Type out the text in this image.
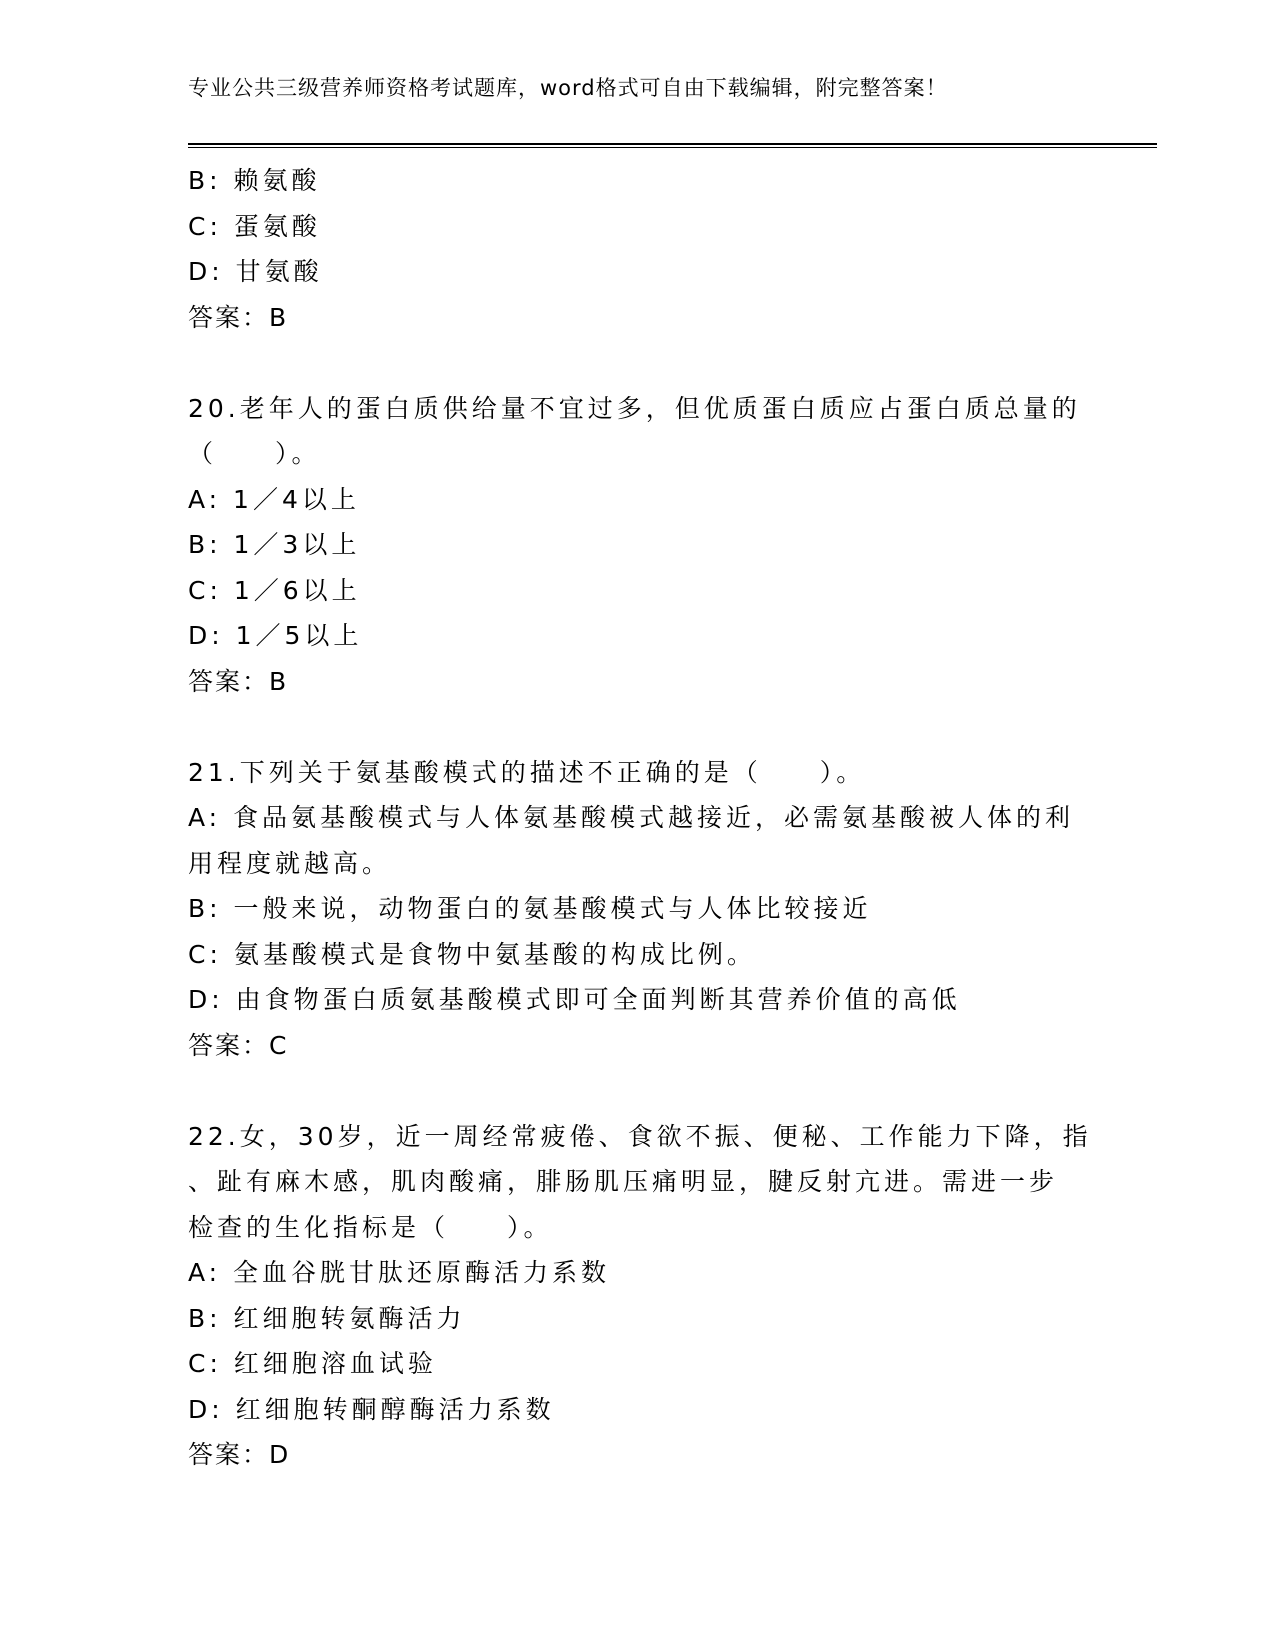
专业公共三级营养师资格考试题库，word格式可自由下载编辑，附完整答案！
B: 赖氨酸
C: 蛋氨酸
D: 甘氨酸
答案：B
20.老年人的蛋白质供给量不宜过多，但优质蛋白质应占蛋白质总量的
（　　）。
A: 1／4以上
B: 1／3以上
C: 1／6以上
D: 1／5以上
答案：B
21.下列关于氨基酸模式的描述不正确的是（　　）。
A: 食品氨基酸模式与人体氨基酸模式越接近，必需氨基酸被人体的利
用程度就越高。
B: 一般来说，动物蛋白的氨基酸模式与人体比较接近
C: 氨基酸模式是食物中氨基酸的构成比例。
D: 由食物蛋白质氨基酸模式即可全面判断其营养价值的高低
答案：C
22.女，30岁，近一周经常疲倦、食欲不振、便秘、工作能力下降，指
、趾有麻木感，肌肉酸痛，腓肠肌压痛明显，腱反射亢进。需进一步
检查的生化指标是（　　）。
A: 全血谷胱甘肽还原酶活力系数
B: 红细胞转氨酶活力
C: 红细胞溶血试验
D: 红细胞转酮醇酶活力系数
答案：D
